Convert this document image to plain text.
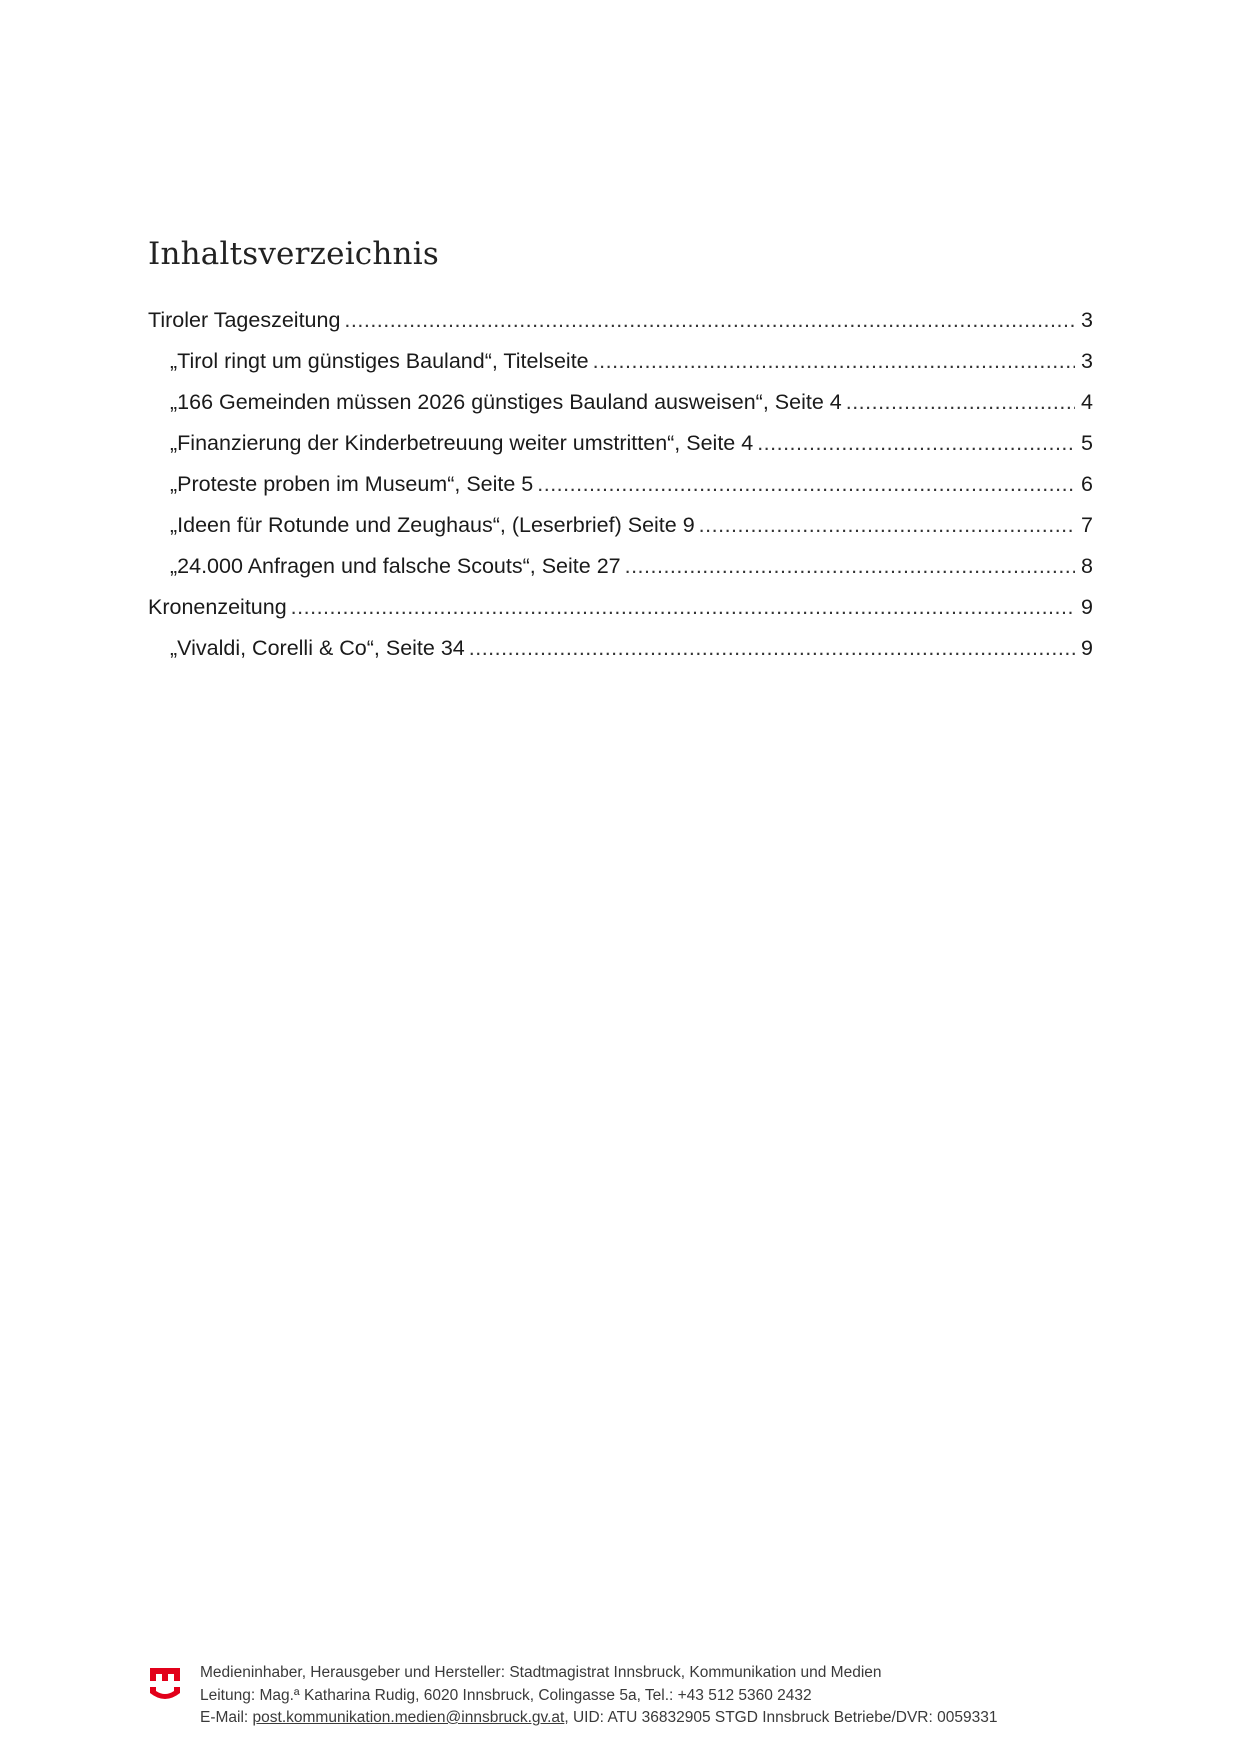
Inhaltsverzeichnis
Tiroler Tageszeitung .....	3
„Tirol ringt um günstiges Bauland“, Titelseite .....	3
„166 Gemeinden müssen 2026 günstiges Bauland ausweisen“, Seite 4 .....	4
„Finanzierung der Kinderbetreuung weiter umstritten“, Seite 4 .....	5
„Proteste proben im Museum“, Seite 5 .....	6
„Ideen für Rotunde und Zeughaus“, (Leserbrief) Seite 9 .....	7
„24.000 Anfragen und falsche Scouts“, Seite 27 .....	8
Kronenzeitung .....	9
„Vivaldi, Corelli & Co“, Seite 34 .....	9
Medieninhaber, Herausgeber und Hersteller: Stadtmagistrat Innsbruck, Kommunikation und Medien
Leitung: Mag.ª Katharina Rudig, 6020 Innsbruck, Colingasse 5a, Tel.: +43 512 5360 2432
E-Mail: post.kommunikation.medien@innsbruck.gv.at, UID: ATU 36832905 STGD Innsbruck Betriebe/DVR: 0059331
